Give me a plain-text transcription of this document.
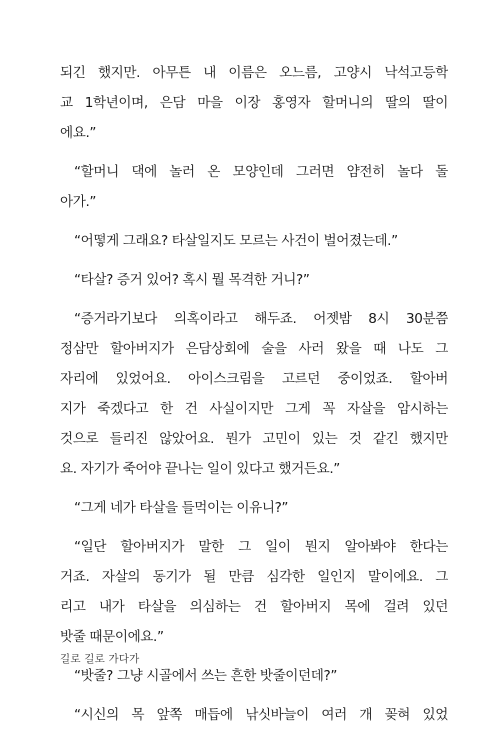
되긴 했지만. 아무튼 내 이름은 오느름, 고양시 낙석고등학
교 1학년이며, 은담 마을 이장 홍영자 할머니의 딸의 딸이
에요.”

“할머니 댁에 놀러 온 모양인데 그러면 얌전히 놀다 돌
아가.”

“어떻게 그래요? 타살일지도 모르는 사건이 벌어졌는데.”

“타살? 증거 있어? 혹시 뭘 목격한 거니?”

“증거라기보다 의혹이라고 해두죠. 어젯밤 8시 30분쯤
정삼만 할아버지가 은담상회에 술을 사러 왔을 때 나도 그
자리에 있었어요. 아이스크림을 고르던 중이었죠. 할아버
지가 죽겠다고 한 건 사실이지만 그게 꼭 자살을 암시하는
것으로 들리진 않았어요. 뭔가 고민이 있는 것 같긴 했지만
요. 자기가 죽어야 끝나는 일이 있다고 했거든요.”

“그게 네가 타살을 들먹이는 이유니?”

“일단 할아버지가 말한 그 일이 뭔지 알아봐야 한다는
거죠. 자살의 동기가 될 만큼 심각한 일인지 말이에요. 그
리고 내가 타살을 의심하는 건 할아버지 목에 걸려 있던
밧줄 때문이에요.”

“밧줄? 그냥 시골에서 쓰는 흔한 밧줄이던데?”

“시신의 목 앞쪽 매듭에 낚싯바늘이 여러 개 꽂혀 있었

길로 길로 가다가
